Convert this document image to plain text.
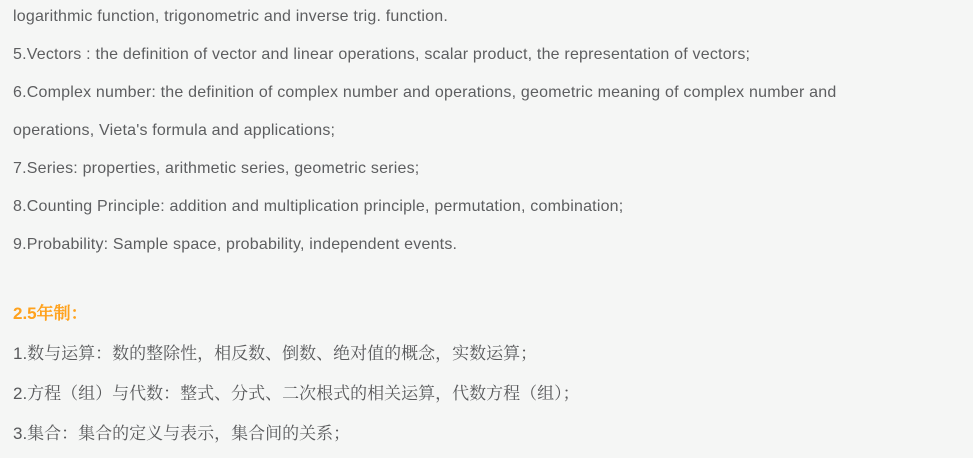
logarithmic function, trigonometric and inverse trig. function.

5.Vectors : the definition of vector and linear operations, scalar product, the representation of vectors;

6.Complex number: the definition of complex number and operations, geometric meaning of complex number and

operations, Vieta's formula and applications;

7.Series: properties, arithmetic series, geometric series;

8.Counting Principle: addition and multiplication principle, permutation, combination;

9.Probability: Sample space, probability, independent events.

2.5年制：

1.数与运算：数的整除性，相反数、倒数、绝对值的概念，实数运算；

2.方程（组）与代数：整式、分式、二次根式的相关运算，代数方程（组）；

3.集合：集合的定义与表示，集合间的关系；
